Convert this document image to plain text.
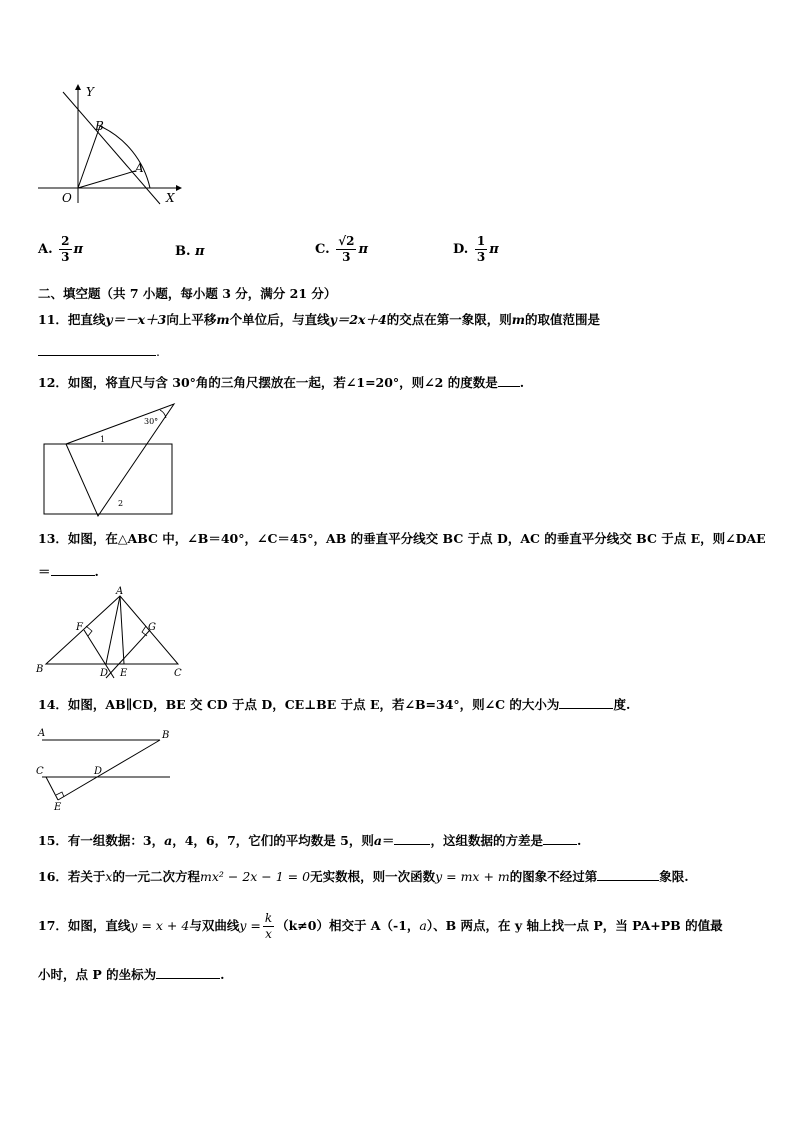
Y
X
O
B
A
A. $\frac{2}{3}$ π	B. π	C. $\frac{√2}{3}$ π	D. $\frac{1}{3}$ π
二、填空题（共 7 小题，每小题 3 分，满分 21 分）
11．把直线y＝－x＋3向上平移m个单位后，与直线y＝2x＋4的交点在第一象限，则m的取值范围是
.
12．如图，将直尺与含 30°角的三角尺摆放在一起，若∠1=20°，则∠2 的度数是 .
30°
1
2
13．如图，在△ABC 中，∠B＝40°，∠C＝45°，AB 的垂直平分线交 BC 于点 D，AC 的垂直平分线交 BC 于点 E，则∠DAE
＝	.
A
B	C
D E
F	G
14．如图，AB∥CD，BE 交 CD 于点 D，CE⊥BE 于点 E，若∠B=34°，则∠C 的大小为	度.
A	B
C	D
E
15．有一组数据：3，a，4，6，7，它们的平均数是 5，则a＝	，这组数据的方差是	.
16．若关于x的一元二次方程mx² − 2x − 1 = 0无实数根，则一次函数y = mx + m的图象不经过第	象限.
17．如图，直线y = x + 4与双曲线$y = \frac{k}{x} (k\ne 0)$相交于 A（-1，a）、B 两点，在 y 轴上找一点 P，当 PA+PB 的值最
小时，点 P 的坐标为	.
